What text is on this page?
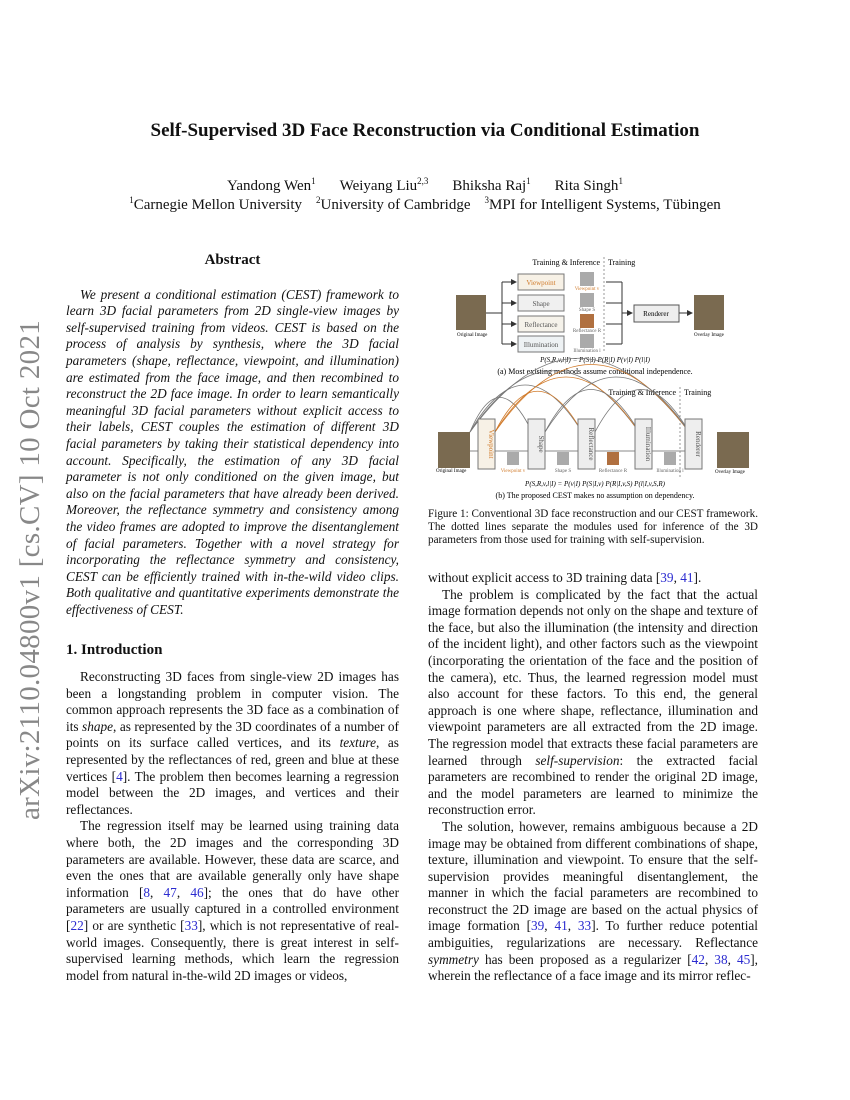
arXiv:2110.04800v1 [cs.CV] 10 Oct 2021
Self-Supervised 3D Face Reconstruction via Conditional Estimation
Yandong Wen$^1$ Weiyang Liu$^{2,3}$ Bhiksha Raj$^1$ Rita Singh$^1$
$^1$Carnegie Mellon University $^2$University of Cambridge $^3$MPI for Intelligent Systems, Tübingen
Abstract
We present a conditional estimation (CEST) framework to learn 3D facial parameters from 2D single-view images by self-supervised training from videos. CEST is based on the process of analysis by synthesis, where the 3D facial parameters (shape, reflectance, viewpoint, and illumination) are estimated from the face image, and then recombined to reconstruct the 2D face image. In order to learn semantically meaningful 3D facial parameters without explicit access to their labels, CEST couples the estimation of different 3D facial parameters by taking their statistical dependency into account. Specifically, the estimation of any 3D facial parameter is not only conditioned on the given image, but also on the facial parameters that have already been derived. Moreover, the reflectance symmetry and consistency among the video frames are adopted to improve the disentanglement of facial parameters. Together with a novel strategy for incorporating the reflectance symmetry and consistency, CEST can be efficiently trained with in-the-wild video clips. Both qualitative and quantitative experiments demonstrate the effectiveness of CEST.
1. Introduction

Reconstructing 3D faces from single-view 2D images has been a longstanding problem in computer vision. The common approach represents the 3D face as a combination of its shape, as represented by the 3D coordinates of a number of points on its surface called vertices, and its texture, as represented by the reflectances of red, green and blue at these vertices [4]. The problem then becomes learning a regression model between the 2D images, and vertices and their reflectances.

The regression itself may be learned using training data where both, the 2D images and the corresponding 3D parameters are available. However, these data are scarce, and even the ones that are available generally only have shape information [8, 47, 46]; the ones that do have other parameters are usually captured in a controlled environment [22] or are synthetic [33], which is not representative of real-world images. Consequently, there is great interest in self-supervised learning methods, which learn the regression model from natural in-the-wild 2D images or videos,

Training & Inference Training
Original Image
Viewpoint
Viewpoint v
Shape
Shape S
Reflectance
Reflectance R
Illumination
Illumination l
Renderer
Overlay Image
P(S,R,v,l|I) = P(S|I) P(R|I) P(v|I) P(l|I)
(a) Most existing methods assume conditional independence.
Training & Inference Training
Original Image
Viewpoint
Viewpoint v
Shape
Shape S
Reflectance
Reflectance R
Illumination
Illumination l
Renderer
Overlay Image
P(S,R,v,l|I) = P(v|I) P(S|I,v) P(R|I,v,S) P(l|I,v,S,R)
(b) The proposed CEST makes no assumption on dependency.
Figure 1: Conventional 3D face reconstruction and our CEST framework. The dotted lines separate the modules used for inference of the 3D parameters from those used for training with self-supervision.
without explicit access to 3D training data [39, 41].

The problem is complicated by the fact that the actual image formation depends not only on the shape and texture of the face, but also the illumination (the intensity and direction of the incident light), and other factors such as the viewpoint (incorporating the orientation of the face and the position of the camera), etc. Thus, the learned regression model must also account for these factors. To this end, the general approach is one where shape, reflectance, illumination and viewpoint parameters are all extracted from the 2D image. The regression model that extracts these facial parameters are learned through self-supervision: the extracted facial parameters are recombined to render the original 2D image, and the model parameters are learned to minimize the reconstruction error.

The solution, however, remains ambiguous because a 2D image may be obtained from different combinations of shape, texture, illumination and viewpoint. To ensure that the self-supervision provides meaningful disentanglement, the manner in which the facial parameters are recombined to reconstruct the 2D image are based on the actual physics of image formation [39, 41, 33]. To further reduce potential ambiguities, regularizations are necessary. Reflectance symmetry has been proposed as a regularizer [42, 38, 45], wherein the reflectance of a face image and its mirror reflec-
